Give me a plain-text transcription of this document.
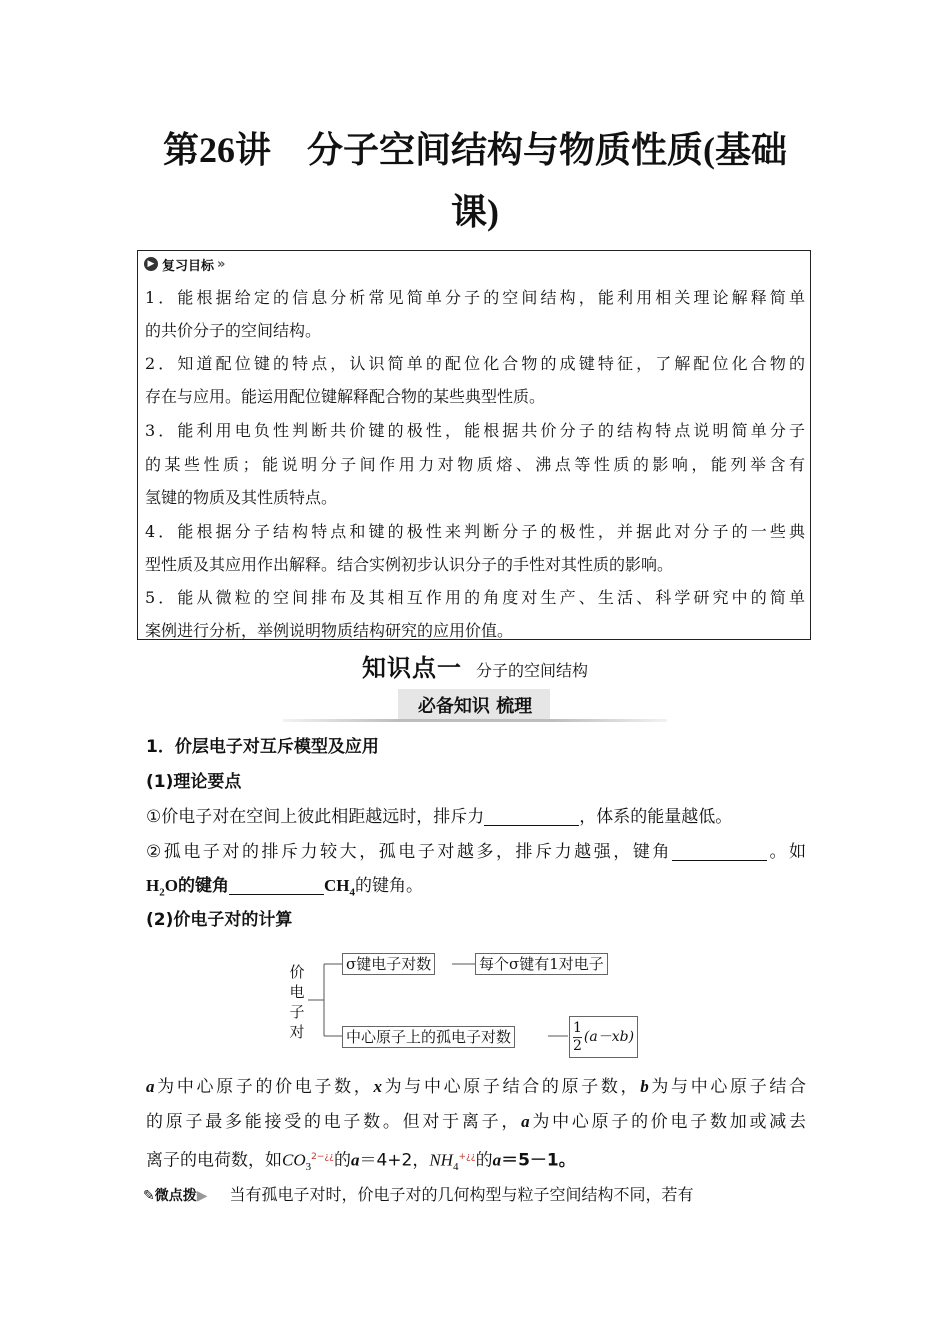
第26讲　分子空间结构与物质性质(基础
课)
▶ 复习目标 »
1．能根据给定的信息分析常见简单分子的空间结构，能利用相关理论解释简单
的共价分子的空间结构。
2．知道配位键的特点，认识简单的配位化合物的成键特征，了解配位化合物的
存在与应用。能运用配位键解释配合物的某些典型性质。
3．能利用电负性判断共价键的极性，能根据共价分子的结构特点说明简单分子
的某些性质；能说明分子间作用力对物质熔、沸点等性质的影响，能列举含有
氢键的物质及其性质特点。
4．能根据分子结构特点和键的极性来判断分子的极性，并据此对分子的一些典
型性质及其应用作出解释。结合实例初步认识分子的手性对其性质的影响。
5．能从微粒的空间排布及其相互作用的角度对生产、生活、科学研究中的简单
案例进行分析，举例说明物质结构研究的应用价值。
知识点一 分子的空间结构
必备知识 梳理
1．价层电子对互斥模型及应用
(1)理论要点
①价电子对在空间上彼此相距越远时，排斥力	，体系的能量越低。
②孤电子对的排斥力较大，孤电子对越多，排斥力越强，键角	。如
$H_2O$的键角	$CH_4$的键角。
(2)价电子对的计算
价
电
子
对
σ键电子对数	每个σ键有1对电子
中心原子上的孤电子对数	$\frac{1}{2} (a-xb)$
a为中心原子的价电子数，x为与中心原子结合的原子数，b为与中心原子结合
的原子最多能接受的电子数。但对于离子，a为中心原子的价电子数加或减去
离子的电荷数，如$CO_3^{2-¿¿}$的a＝4+2，$NH_4^{+¿¿}$的a＝5－1。
✎微点拨▶ 当有孤电子对时，价电子对的几何构型与粒子空间结构不同，若有
